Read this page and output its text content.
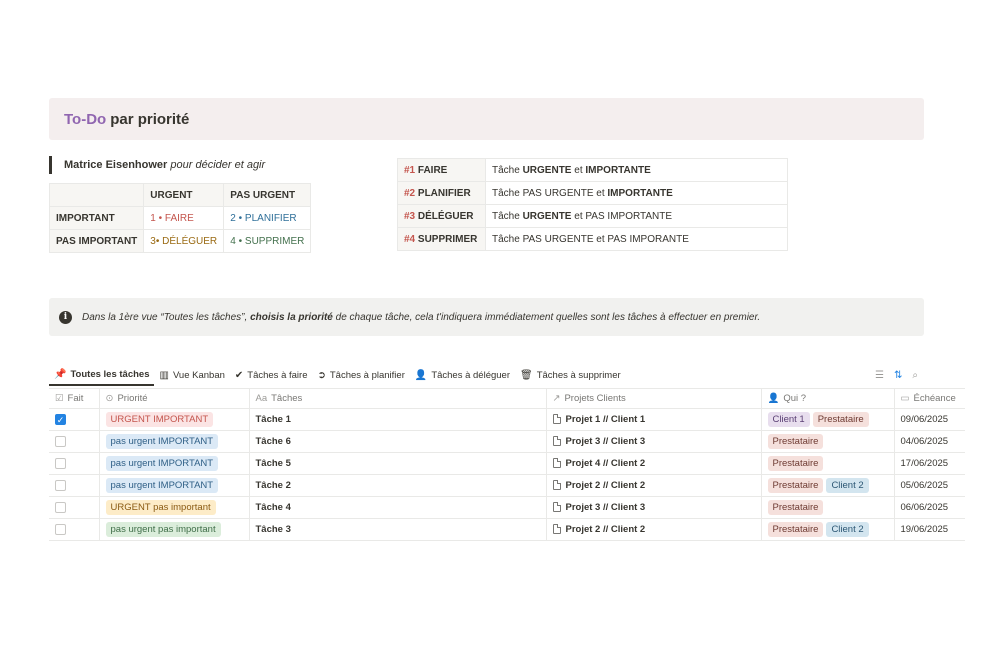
To-Do par priorité
Matrice Eisenhower pour décider et agir
	URGENT	PAS URGENT
IMPORTANT	1 • FAIRE	2 • PLANIFIER
PAS IMPORTANT	3• DÉLÉGUER	4 • SUPPRIMER
#1 FAIRE	Tâche URGENTE et IMPORTANTE
#2 PLANIFIER	Tâche PAS URGENTE et IMPORTANTE
#3 DÉLÉGUER	Tâche URGENTE et PAS IMPORTANTE
#4 SUPPRIMER	Tâche PAS URGENTE et PAS IMPORANTE
i	Dans la 1ère vue “Toutes les tâches”, choisis la priorité de chaque tâche, cela t'indiquera immédiatement quelles sont les tâches à effectuer en premier.
📌 Toutes les tâches ▥ Vue Kanban ✔ Tâches à faire ➲ Tâches à planifier 👤 Tâches à déléguer 🗑 Tâches à supprimer	☰ ⇅ ⌕
☑ Fait	⊙ Priorité	Aa Tâches	↗ Projets Clients	👤 Qui ?	▭ Échéance
✓	URGENT IMPORTANT	Tâche 1	Projet 1 // Client 1	Client 1 Prestataire	09/06/2025
	pas urgent IMPORTANT	Tâche 6	Projet 3 // Client 3	Prestataire	04/06/2025
	pas urgent IMPORTANT	Tâche 5	Projet 4 // Client 2	Prestataire	17/06/2025
	pas urgent IMPORTANT	Tâche 2	Projet 2 // Client 2	Prestataire Client 2	05/06/2025
	URGENT pas important	Tâche 4	Projet 3 // Client 3	Prestataire	06/06/2025
	pas urgent pas important	Tâche 3	Projet 2 // Client 2	Prestataire Client 2	19/06/2025
